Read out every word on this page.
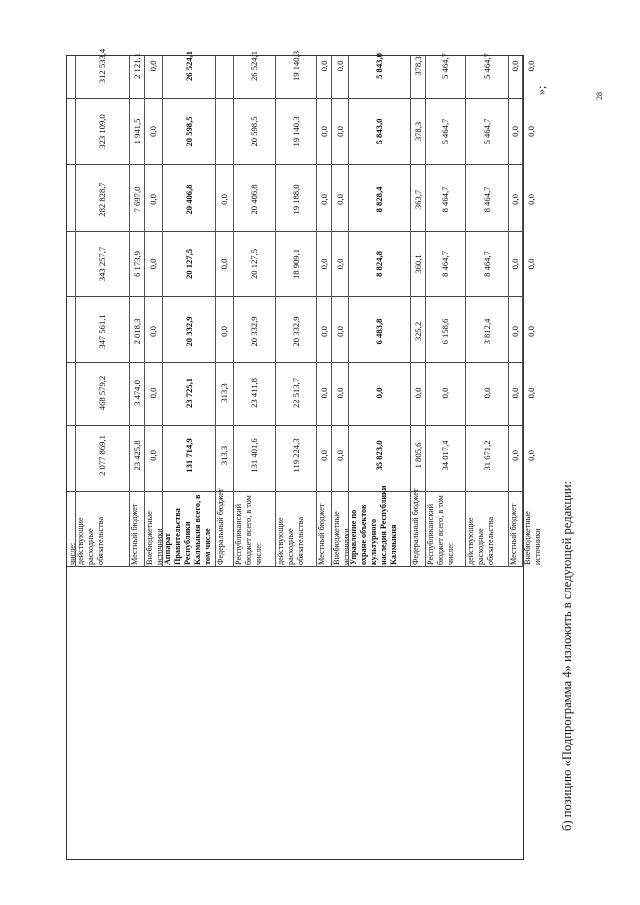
числе: действующие
расходные
обязательства
2 077 869,1
468 579,2
347 561,1
343 257,7
282 828,7
323 109,0
312 533,4
Местный бюджет
23 425,8
3 474,0
2 018,3
6 173,9
7 697,0
1 941,5
2 121,1
Внебюджетные
источники
0,0
0,0
0,0
0,0
0,0
0,0
0,0
Аппарат
Правительства
Республики
Калмыкия всего, в
том числе
131 714,9
23 725,1
20 332,9
20 127,5
20 406,8
20 598,5
26 524,1
Федеральный бюджет
313,3
313,3
0,0
0,0
0,0
Республиканский
бюджет всего, в том
числе:
131 401,6
23 411,8
20 332,9
20 127,5
20 406,8
20 598,5
26 524,1
действующие
расходные
обязательства
119 224,3
22 513,7
20 332,9
18 909,1
19 188,0
19 140,3
19 140,3
Местный бюджет
0,0
0,0
0,0
0,0
0,0
0,0
0,0
Внебюджетные
источники
0,0
0,0
0,0
0,0
0,0
0,0
0,0
Управление по
охране объектов
культурного
наследия Республики
Калмыкия
35 823,0
0,0
6 483,8
8 824,8
8 828,4
5 843,0
5 843,0
Федеральный бюджет
1 805,6
0,0
325,2
360,1
363,7
378,3
378,3
Республиканский
бюджет всего, в том
числе:
34 017,4
0,0
6 158,6
8 464,7
8 464,7
5 464,7
5 464,7
действующие
расходные
обязательства
31 671,2
0,0
3 812,4
8 464,7
8 464,7
5 464,7
5 464,7
Местный бюджет
0,0
0,0
0,0
0,0
0,0
0,0
0,0
Внебюджетные
источники
0,0
0,0
0,0
0,0
0,0
0,0
0,0
б) позицию «Подпрограмма 4» изложить в следующей редакции:
»;
28
